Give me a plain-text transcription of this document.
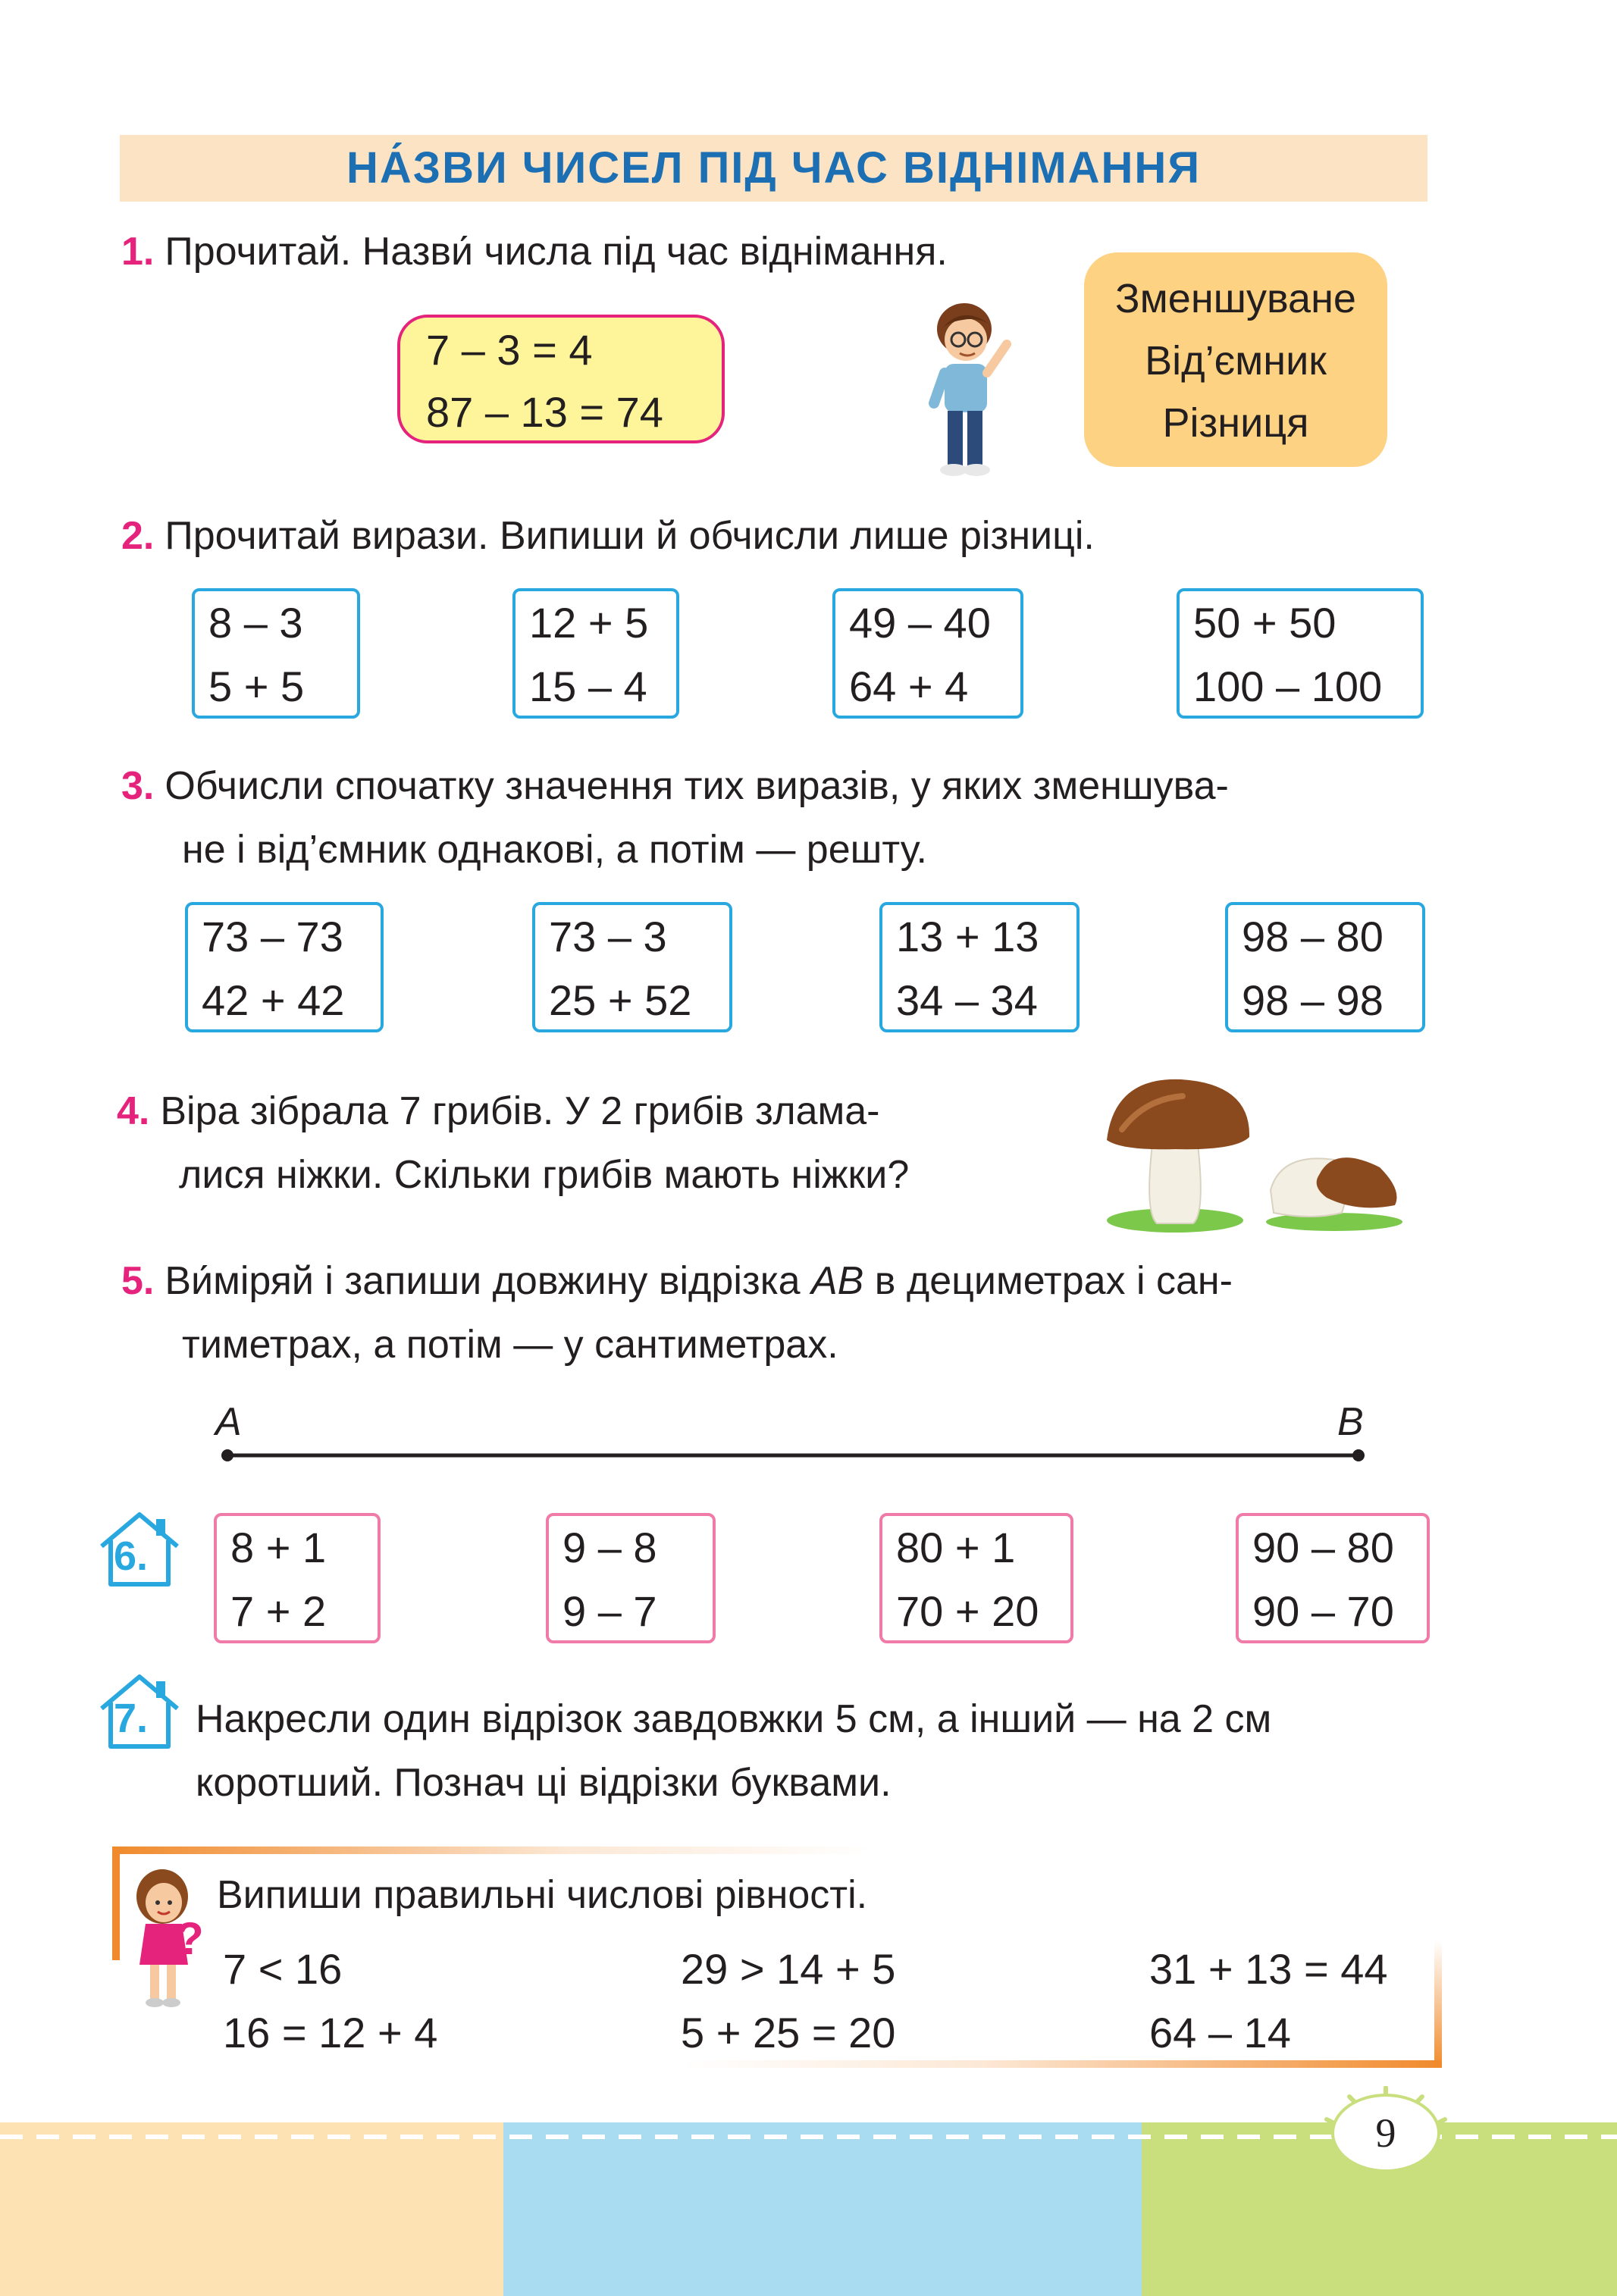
НА́ЗВИ ЧИСЕЛ ПІД ЧАС ВІДНІМАННЯ
1. Прочитай. Назви́ числа під час віднімання.
7 – 3 = 4
87 – 13 = 74
Зменшуване
Від’ємник
Різниця
2. Прочитай вирази. Випиши й обчисли лише різниці.
8 – 3
5 + 5
12 + 5
15 – 4
49 – 40
64 + 4
50 + 50
100 – 100
3. Обчисли спочатку значення тих виразів, у яких зменшува-
не і від’ємник однакові, а потім — решту.
73 – 73
42 + 42
73 – 3
25 + 52
13 + 13
34 – 34
98 – 80
98 – 98
4. Віра зібрала 7 грибів. У 2 грибів злама-
лися ніжки. Скільки грибів мають ніжки?
5. Ви́міряй і запиши довжину відрізка AB в дециметрах і сан-
тиметрах, а потім — у сантиметрах.
A	B
6. 8 + 1
7 + 2
9 – 8
9 – 7
80 + 1
70 + 20
90 – 80
90 – 70
7. Накресли один відрізок завдовжки 5 см, а інший — на 2 см
коротший. Познач ці відрізки буквами.
?
Випиши правильні числові рівності.
7 < 16
16 = 12 + 4
29 > 14 + 5
5 + 25 = 20
31 + 13 = 44
64 – 14
9
